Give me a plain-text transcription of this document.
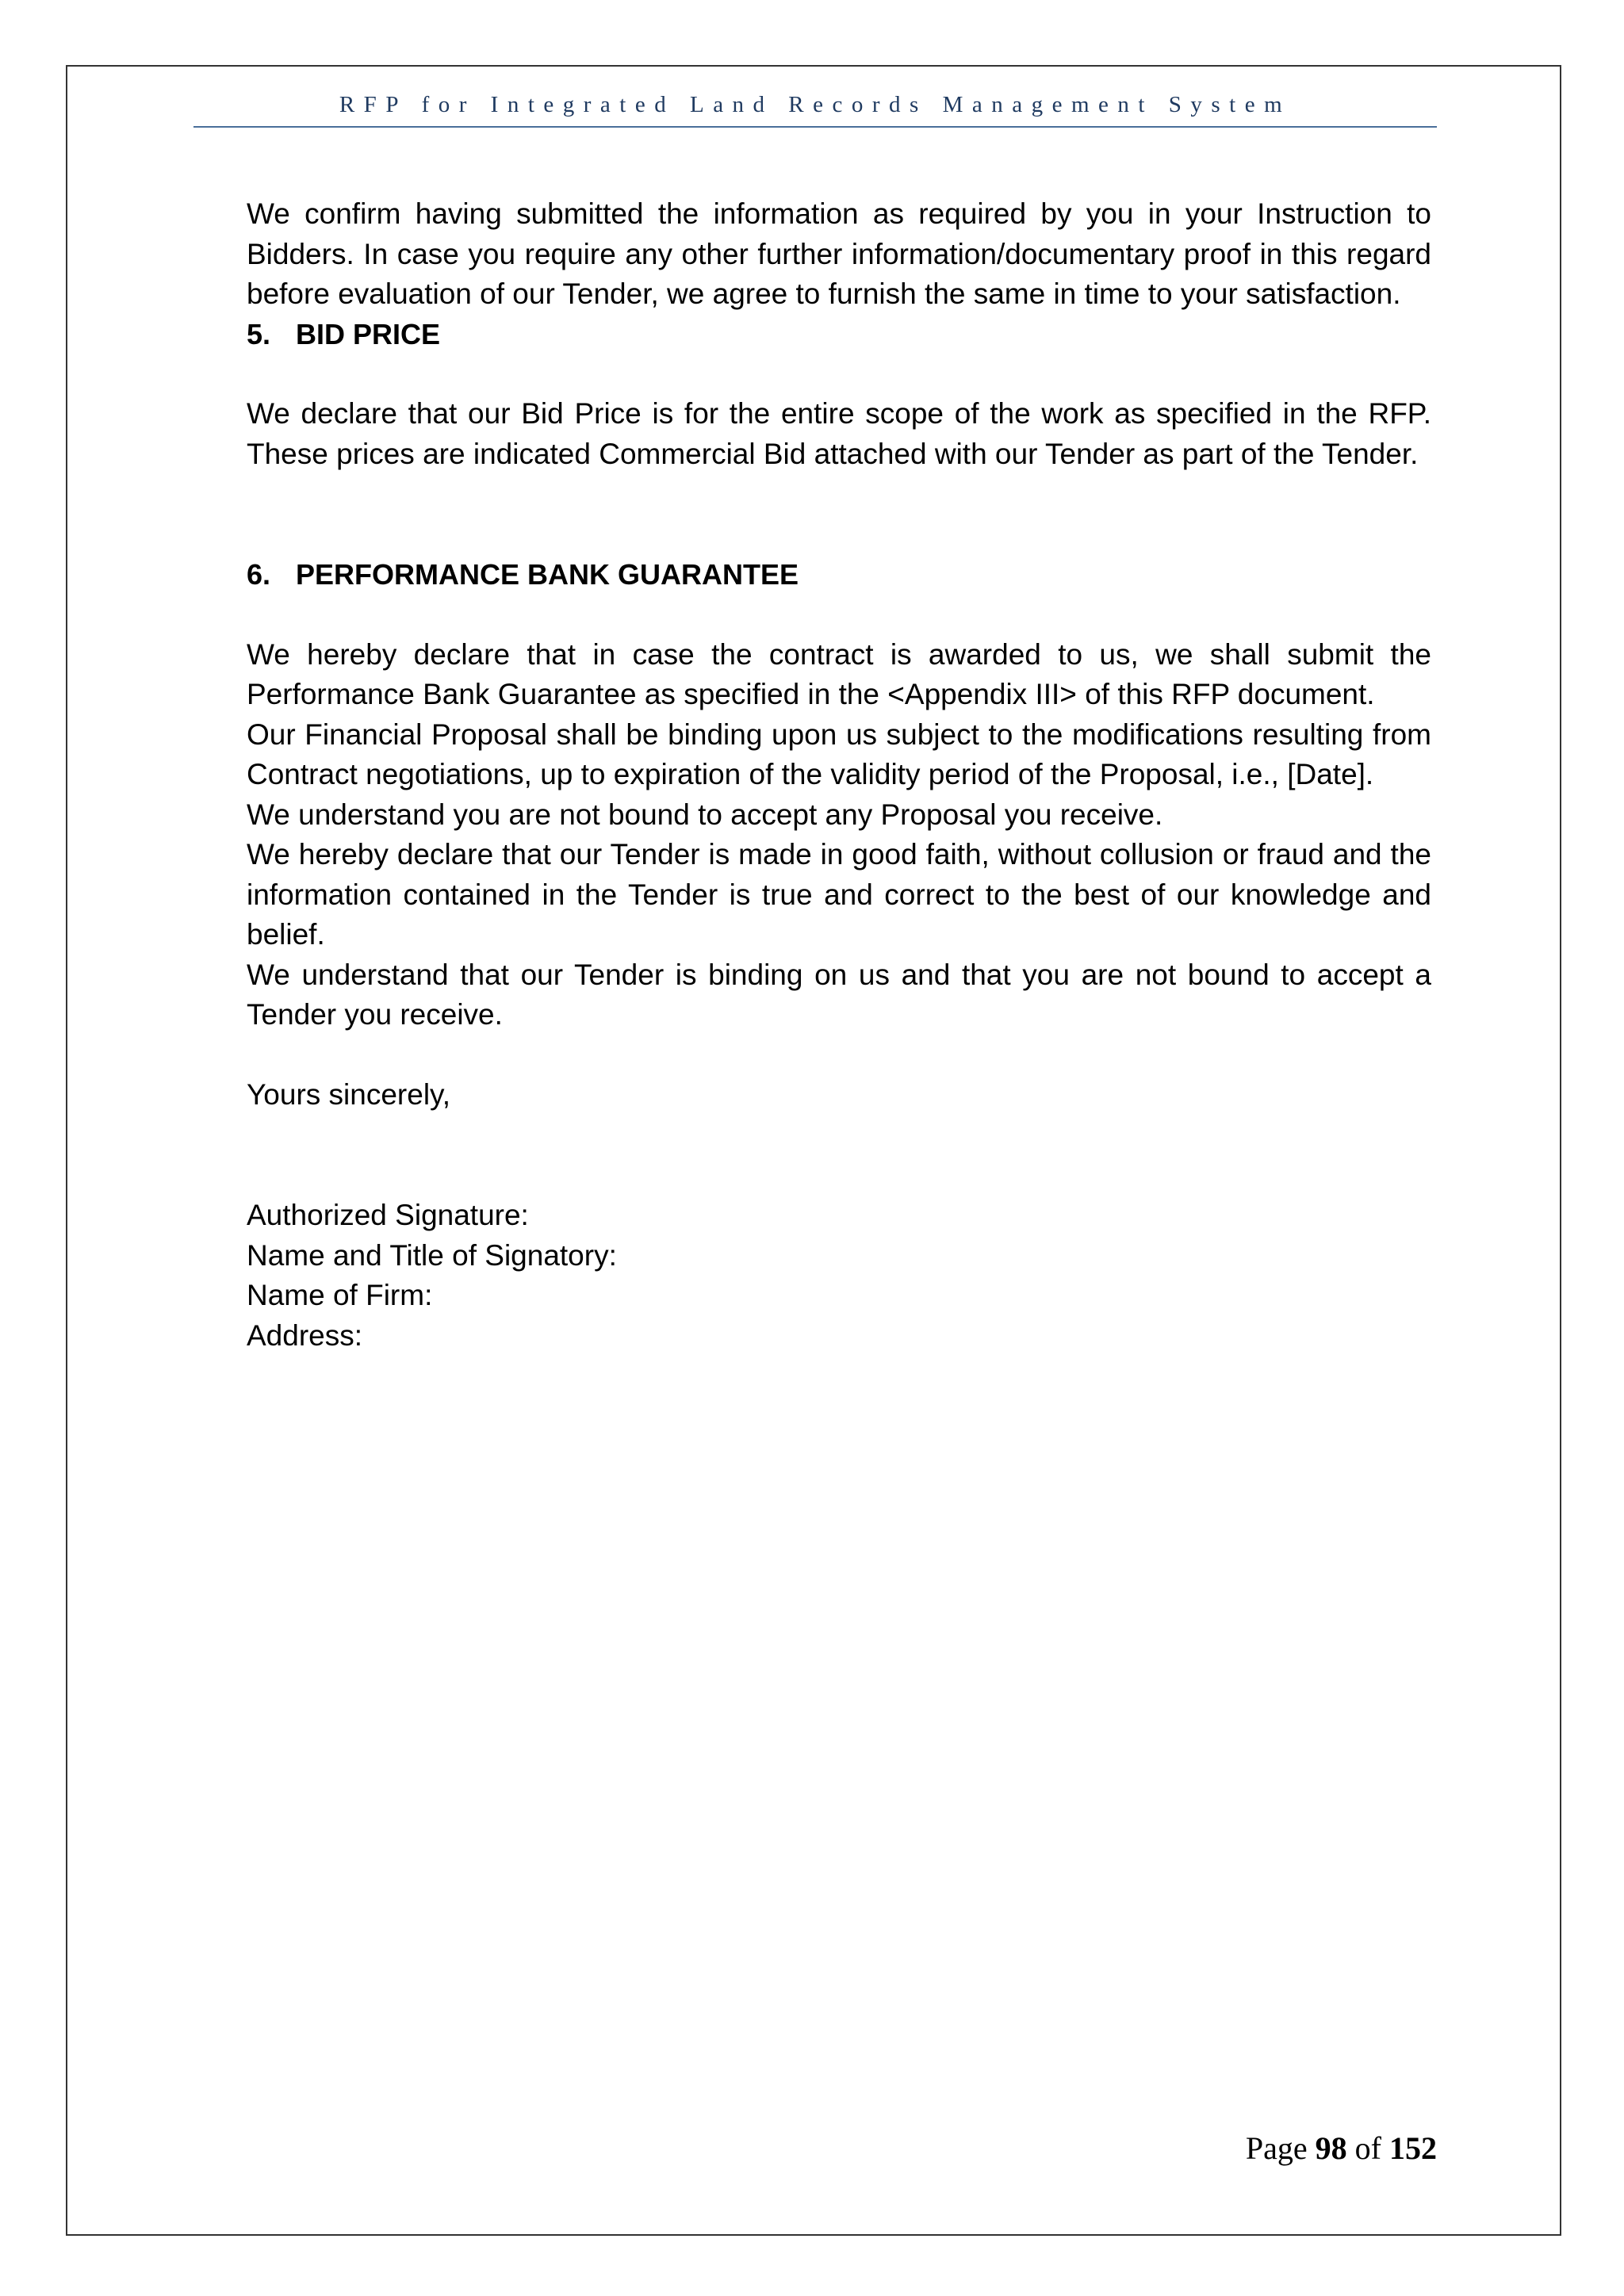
RFP for Integrated Land Records Management System

We confirm having submitted the information as required by you in your Instruction to Bidders. In case you require any other further information/documentary proof in this regard before evaluation of our Tender, we agree to furnish the same in time to your satisfaction.

5. BID PRICE

We declare that our Bid Price is for the entire scope of the work as specified in the RFP. These prices are indicated Commercial Bid attached with our Tender as part of the Tender.

6. PERFORMANCE BANK GUARANTEE

We hereby declare that in case the contract is awarded to us, we shall submit the Performance Bank Guarantee as specified in the <Appendix III> of this RFP document.

Our Financial Proposal shall be binding upon us subject to the modifications resulting from Contract negotiations, up to expiration of the validity period of the Proposal, i.e., [Date].

We understand you are not bound to accept any Proposal you receive.

We hereby declare that our Tender is made in good faith, without collusion or fraud and the information contained in the Tender is true and correct to the best of our knowledge and belief.

We understand that our Tender is binding on us and that you are not bound to accept a Tender you receive.

Yours sincerely,

Authorized Signature:

Name and Title of Signatory:

Name of Firm:

Address:

Page 98 of 152
